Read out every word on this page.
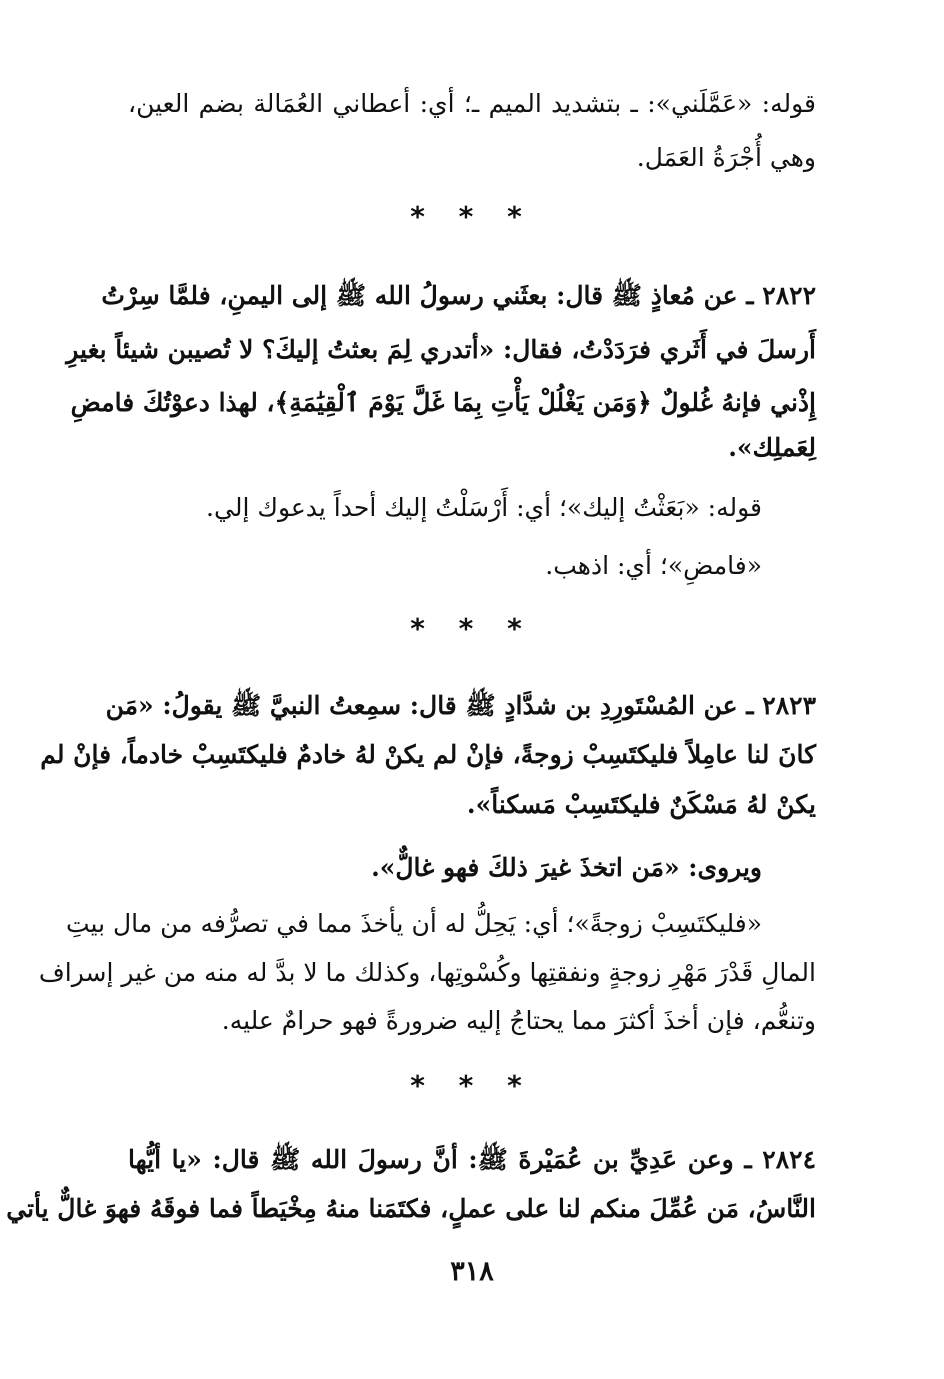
قوله: «عَمَّلَني»: ـ بتشديد الميم ـ؛ أي: أعطاني العُمَالة بضم العين،
وهي أُجْرَةُ العَمَل.
* * *
٢٨٢٢ ـ عن مُعاذٍ ﷺ قال: بعثَني رسولُ الله ﷺ إلى اليمنِ، فلمَّا سِرْتُ
أَرسلَ في أَثَري فرَدَدْتُ، فقال: «أتدري لِمَ بعثتُ إليكَ؟ لا تُصيبن شيئاً بغيرِ
إِذْني فإنهُ غُلولٌ ﴿وَمَن يَغْلُلْ يَأْتِ بِمَا غَلَّ يَوْمَ ٱلْقِيَٰمَةِ﴾، لهذا دعوْتُكَ فامضِ
لِعَملِك».
قوله: «بَعَثْتُ إليك»؛ أي: أَرْسَلْتُ إليك أحداً يدعوك إلي.
«فامضِ»؛ أي: اذهب.
* * *
٢٨٢٣ ـ عن المُسْتَورِدِ بن شدَّادٍ ﷺ قال: سمِعتُ النبيَّ ﷺ يقولُ: «مَن
كانَ لنا عامِلاً فليكتَسِبْ زوجةً، فإنْ لم يكنْ لهُ خادمٌ فليكتَسِبْ خادماً، فإنْ لم
يكنْ لهُ مَسْكَنٌ فليكتَسِبْ مَسكناً».
ويروى: «مَن اتخذَ غيرَ ذلكَ فهو غالٌّ».
«فليكتَسِبْ زوجةً»؛ أي: يَحِلُّ له أن يأخذَ مما في تصرُّفه من مال بيتِ
المالِ قَدْرَ مَهْرِ زوجةٍ ونفقتِها وكُسْوتِها، وكذلك ما لا بدَّ له منه من غير إسراف
وتنعُّم، فإن أخذَ أكثرَ مما يحتاجُ إليه ضرورةً فهو حرامٌ عليه.
* * *
٢٨٢٤ ـ وعن عَدِيِّ بن عُمَيْرةَ ﷺ: أنَّ رسولَ الله ﷺ قال: «يا أيُّها
النَّاسُ، مَن عُمِّلَ منكم لنا على عملٍ، فكتَمَنا منهُ مِخْيَطاً فما فوقَهُ فهوَ غالٌّ يأتي
٣١٨
